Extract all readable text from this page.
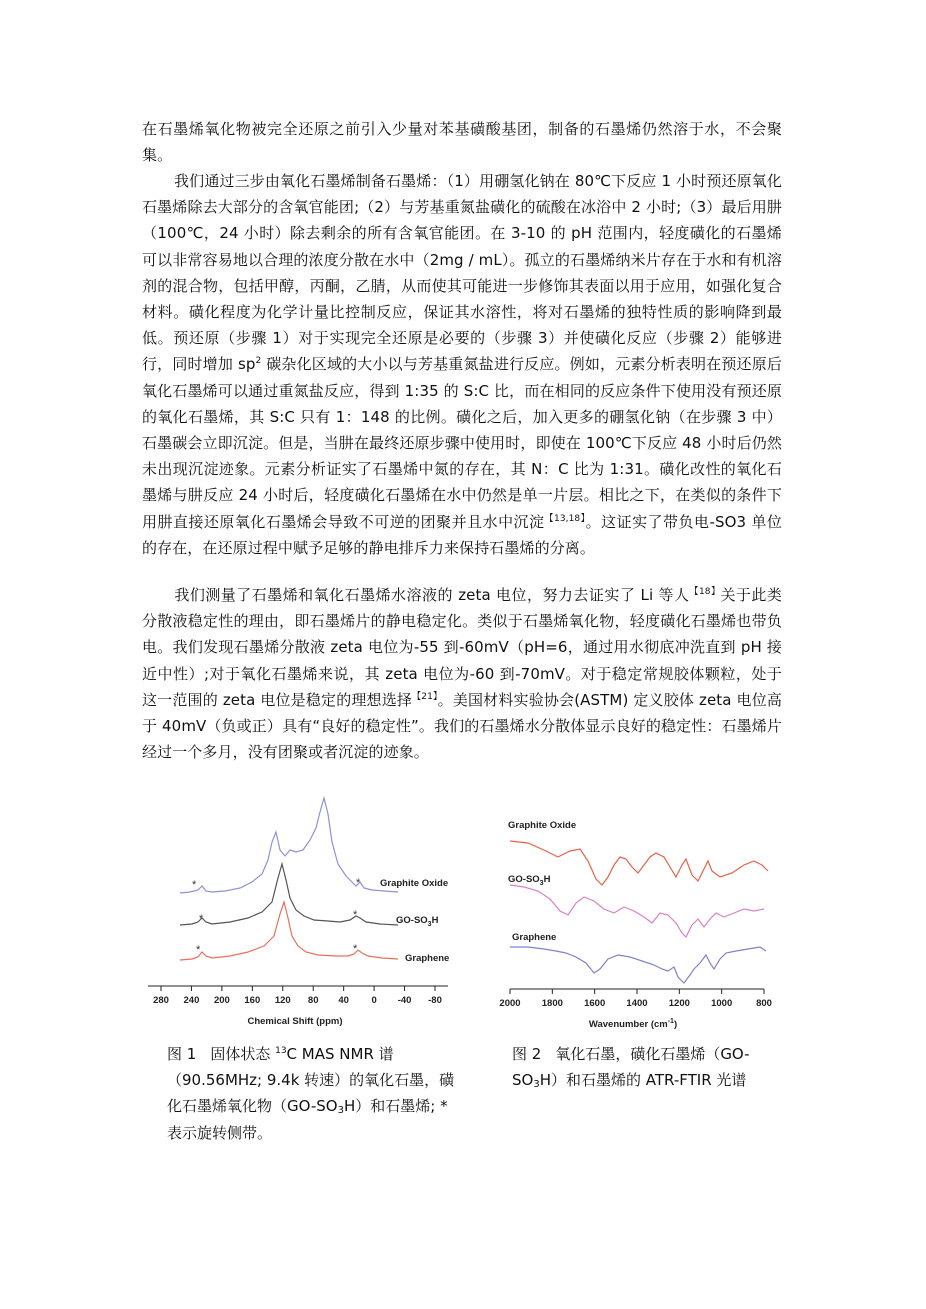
在石墨烯氧化物被完全还原之前引入少量对苯基磺酸基团，制备的石墨烯仍然溶于水，不会聚集。

我们通过三步由氧化石墨烯制备石墨烯：（1）用硼氢化钠在 80℃下反应 1 小时预还原氧化石墨烯除去大部分的含氧官能团;（2）与芳基重氮盐磺化的硫酸在冰浴中 2 小时;（3）最后用肼（100℃，24 小时）除去剩余的所有含氧官能团。在 3-10 的 pH 范围内，轻度磺化的石墨烯可以非常容易地以合理的浓度分散在水中（2mg / mL）。孤立的石墨烯纳米片存在于水和有机溶剂的混合物，包括甲醇，丙酮，乙腈，从而使其可能进一步修饰其表面以用于应用，如强化复合材料。磺化程度为化学计量比控制反应，保证其水溶性，将对石墨烯的独特性质的影响降到最低。预还原（步骤 1）对于实现完全还原是必要的（步骤 3）并使磺化反应（步骤 2）能够进行，同时增加 $sp^2$ 碳杂化区域的大小以与芳基重氮盐进行反应。例如，元素分析表明在预还原后氧化石墨烯可以通过重氮盐反应，得到 1:35 的 S:C 比，而在相同的反应条件下使用没有预还原的氧化石墨烯，其 S:C 只有 1：148 的比例。磺化之后，加入更多的硼氢化钠（在步骤 3 中）石墨碳会立即沉淀。但是，当肼在最终还原步骤中使用时，即使在 100℃下反应 48 小时后仍然未出现沉淀迹象。元素分析证实了石墨烯中氮的存在，其 N：C 比为 1:31。磺化改性的氧化石墨烯与肼反应 24 小时后，轻度磺化石墨烯在水中仍然是单一片层。相比之下，在类似的条件下用肼直接还原氧化石墨烯会导致不可逆的团聚并且水中沉淀$^{【13,18】}$。这证实了带负电-SO3 单位的存在，在还原过程中赋予足够的静电排斥力来保持石墨烯的分离。

我们测量了石墨烯和氧化石墨烯水溶液的 zeta 电位，努力去证实了 Li 等人$^{【18】}$关于此类分散液稳定性的理由，即石墨烯片的静电稳定化。类似于石墨烯氧化物，轻度磺化石墨烯也带负电。我们发现石墨烯分散液 zeta 电位为-55 到-60mV（pH=6，通过用水彻底冲洗直到 pH 接近中性）;对于氧化石墨烯来说，其 zeta 电位为-60 到-70mV。对于稳定常规胶体颗粒，处于这一范围的 zeta 电位是稳定的理想选择$^{【21】}$。美国材料实验协会(ASTM) 定义胶体 zeta 电位高于 40mV（负或正）具有“良好的稳定性”。我们的石墨烯水分散体显示良好的稳定性：石墨烯片经过一个多月，没有团聚或者沉淀的迹象。

*	*
*	*
*	*
Graphite Oxide
$GO-SO_3H$
Graphene
280 240 200 160 120 80 40 0 -40 -80
Chemical Shift (ppm)
Graphite Oxide
$GO-SO_3H$
Graphene
2000 1800 1600 1400 1200 1000	800
Wavenumber $(cm^{-1})$

图 1 固体状态 $^{13}$C MAS NMR 谱（90.56MHz; 9.4k 转速）的氧化石墨，磺化石墨烯氧化物$(GO-SO_3H)$和石墨烯; *表示旋转侧带。

图 2 氧化石墨，磺化石墨烯$(GO-SO_3H)$和石墨烯的 ATR-FTIR 光谱
